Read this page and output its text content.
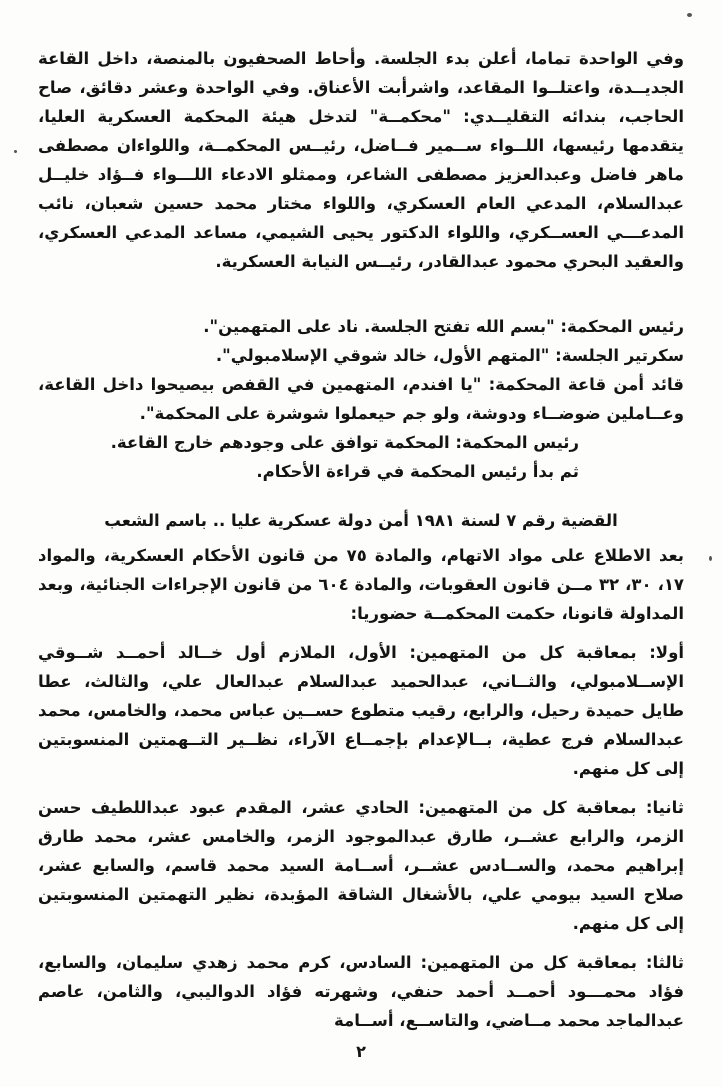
وفي الواحدة تماما، أعلن بدء الجلسة. وأحاط الصحفيون بالمنصة، داخل القاعة الجديــدة، واعتلــوا المقاعد، واشرأبت الأعناق. وفي الواحدة وعشر دقائق، صاح الحاجب، بندائه التقليــدي: "محكمــة" لتدخل هيئة المحكمة العسكرية العليا، يتقدمها رئيسها، اللــواء ســمير فــاضل، رئيــس المحكمــة، واللواءان مصطفى ماهر فاضل وعبدالعزيز مصطفى الشاعر، وممثلو الادعاء اللـــواء فــؤاد خليــل عبدالسلام، المدعي العام العسكري، واللواء مختار محمد حسين شعبان، نائب المدعـــي العســكري، واللواء الدكتور يحيى الشيمي، مساعد المدعي العسكري، والعقيد البحري محمود عبدالقادر، رئيــس النيابة العسكرية.

رئيس المحكمة: "بسم الله تفتح الجلسة. ناد على المتهمين".

سكرتير الجلسة: "المتهم الأول، خالد شوقي الإسلامبولي".

قائد أمن قاعة المحكمة: "يا افندم، المتهمين في القفص بيصيحوا داخل القاعة، وعــاملين ضوضــاء ودوشة، ولو جم حيعملوا شوشرة على المحكمة".

رئيس المحكمة: المحكمة توافق على وجودهم خارج القاعة.

ثم بدأ رئيس المحكمة في قراءة الأحكام.

القضية رقم ٧ لسنة ١٩٨١ أمن دولة عسكرية عليا .. باسم الشعب

بعد الاطلاع على مواد الاتهام، والمادة ٧٥ من قانون الأحكام العسكرية، والمواد ١٧، ٣٠، ٣٢ مــن قانون العقوبات، والمادة ٦٠٤ من قانون الإجراءات الجنائية، وبعد المداولة قانونا، حكمت المحكمــة حضوريا:

أولا: بمعاقبة كل من المتهمين: الأول، الملازم أول خــالد أحمــد شــوقي الإســلامبولي، والثــاني، عبدالحميد عبدالسلام عبدالعال علي، والثالث، عطا طايل حميدة رحيل، والرابع، رقيب متطوع حســين عباس محمد، والخامس، محمد عبدالسلام فرج عطية، بــالإعدام بإجمــاع الآراء، نظــير التــهمتين المنسوبتين إلى كل منهم.

ثانيا: بمعاقبة كل من المتهمين: الحادي عشر، المقدم عبود عبداللطيف حسن الزمر، والرابع عشــر، طارق عبدالموجود الزمر، والخامس عشر، محمد طارق إبراهيم محمد، والســادس عشــر، أســامة السيد محمد قاسم، والسابع عشر، صلاح السيد بيومي علي، بالأشغال الشاقة المؤبدة، نظير التهمتين المنسوبتين إلى كل منهم.

ثالثا: بمعاقبة كل من المتهمين: السادس، كرم محمد زهدي سليمان، والسابع، فؤاد محمـــود أحمــد أحمد حنفي، وشهرته فؤاد الدواليبي، والثامن، عاصم عبدالماجد محمد مــاضي، والتاســع، أســامة

٢
